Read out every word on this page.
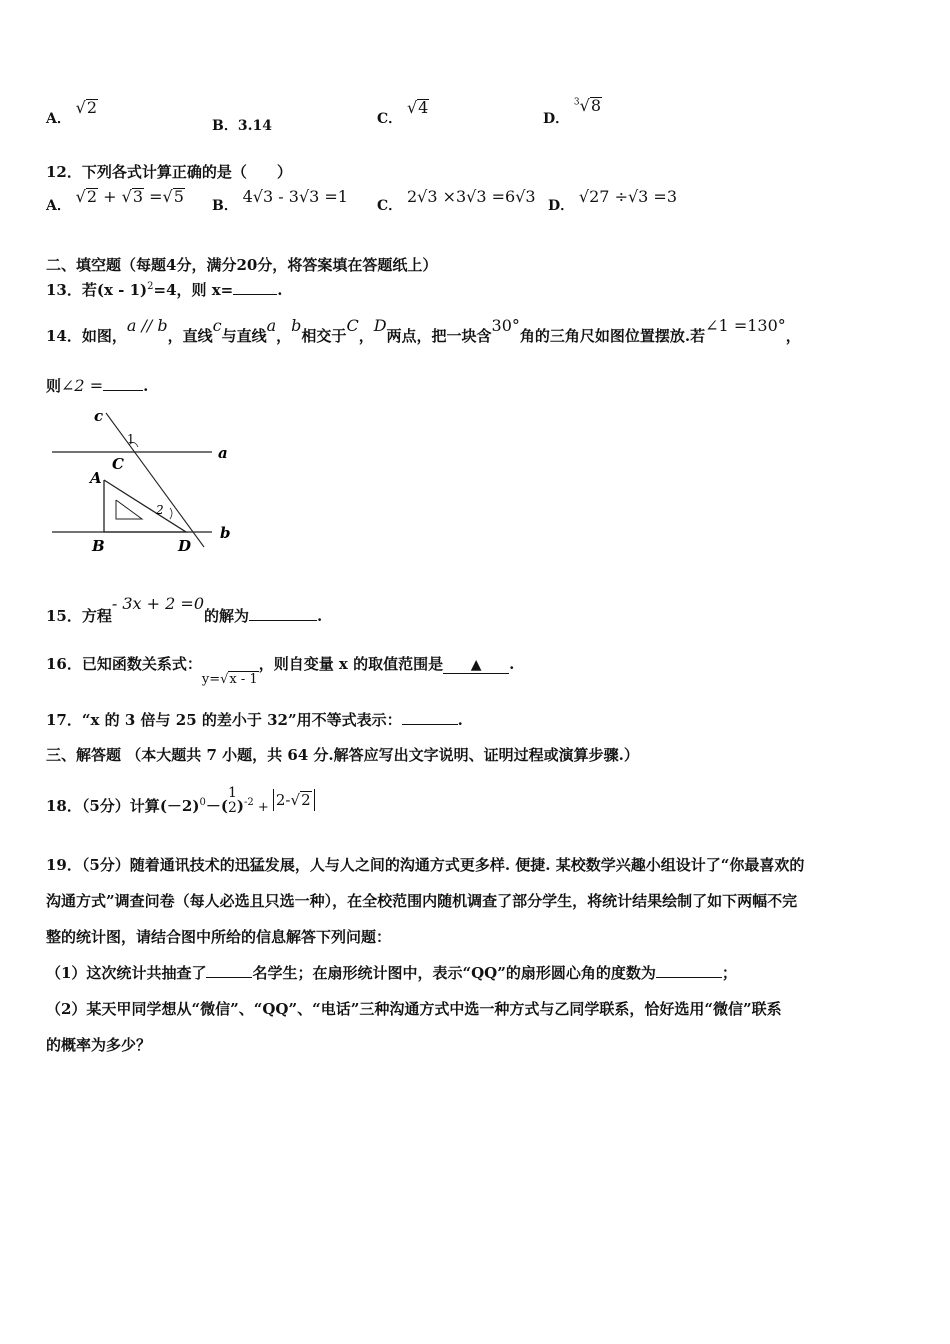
A． √2
B．3.14	C． √4
D． $^3$√8
12．下列各式计算正确的是（　　）
A． √2 + √3 =√5 B． 4√3 - 3√3 =1 C． 2√3 ×3√3 =6√3 D． √27 ÷√3 =3
二、填空题（每题4分，满分20分，将答案填在答题纸上）
13．若(x - 1)$^2$=4，则 x=	.
14．如图，a // b，直线c与直线a，b相交于C，D两点，把一块含30°角的三角尺如图位置摆放.若∠1 =130°，
则∠2 =	.
c
a
b
C
A
B	D
1
2
15．方程- 3x + 2 =0的解为	.
16．已知函数关系式：y=√x - 1，则自变量 x 的取值范围是 ▲ .
17．“x 的 3 倍与 25 的差小于 32”用不等式表示：	.
三、解答题 （本大题共 7 小题，共 64 分.解答应写出文字说明、证明过程或演算步骤.）
18．（5分）计算$(-2)^0-$(
1
2 )$^{-2}$ + 2-√2
19．（5分）随着通讯技术的迅猛发展，人与人之间的沟通方式更多样. 便捷. 某校数学兴趣小组设计了“你最喜欢的
沟通方式”调查问卷（每人必选且只选一种），在全校范围内随机调查了部分学生，将统计结果绘制了如下两幅不完
整的统计图，请结合图中所给的信息解答下列问题：
（1）这次统计共抽查了	名学生；在扇形统计图中，表示“QQ”的扇形圆心角的度数为	；
（2）某天甲同学想从“微信”、“QQ”、“电话”三种沟通方式中选一种方式与乙同学联系，恰好选用“微信”联系
的概率为多少？
